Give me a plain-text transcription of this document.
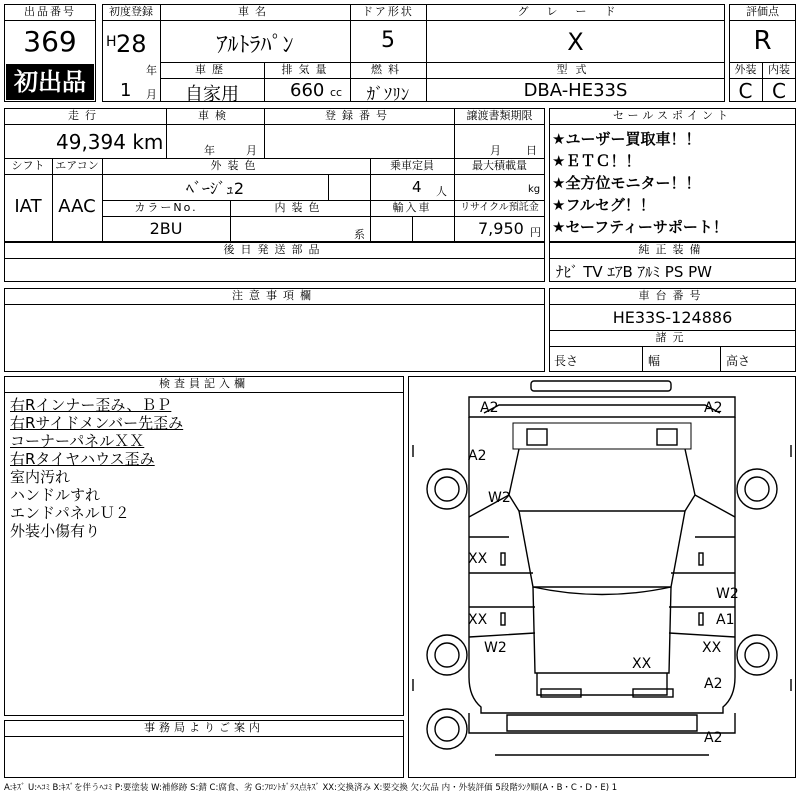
出品番号
369
初出品
初度登録
H 28
年
1 月
車名
ｱﾙﾄﾗﾊﾟﾝ
ドア形状
5
グレード
X
車歴
自家用
排気量
660 cc
燃料
ｶﾞｿﾘﾝ
型式
DBA-HE33S
評価点
R
外装	内装
C C
走行
49,394 km
車検
年	月
登録番号	譲渡書類期限
月 日
シフト
IAT
エアコン
AAC
外装色
ﾍﾞｰｼﾞｭ2
乗車定員
4 人
最大積載量
kg
カラーNo.
2BU
内装色
系
輸入車	リサイクル預託金
7,950 円
セールスポイント
★ユーザー買取車！！
★ＥＴＣ！！
★全方位モニター！！
★フルセグ！！
★セーフティーサポート！
後日発送部品	純正装備
ﾅﾋﾞ TV ｴｱB ｱﾙﾐ PS PW
注意事項欄	車台番号
HE33S-124886
諸元
長さ	幅	高さ
検査員記入欄
右Rインナー歪み、ＢＰ
右Rサイドメンバー先歪み
コーナーパネルＸＸ
右Rタイヤハウス歪み
室内汚れ
ハンドルすれ
エンドパネルＵ２
外装小傷有り
事務局よりご案内
A2	A2
A2
W2
XX
XX
W2
W2
A1
XX
XX
A2
A2
A:ｷｽﾞ U:ﾍｺﾐ B:ｷｽﾞを伴うﾍｺﾐ P:要塗装 W:補修跡 S:錆 C:腐食、劣 G:ﾌﾛﾝﾄｶﾞﾗｽ点ｷｽﾞ XX:交換済み X:要交換 欠:欠品 内・外装評価 5段階ﾗﾝｸ順(A・B・C・D・E) 1
